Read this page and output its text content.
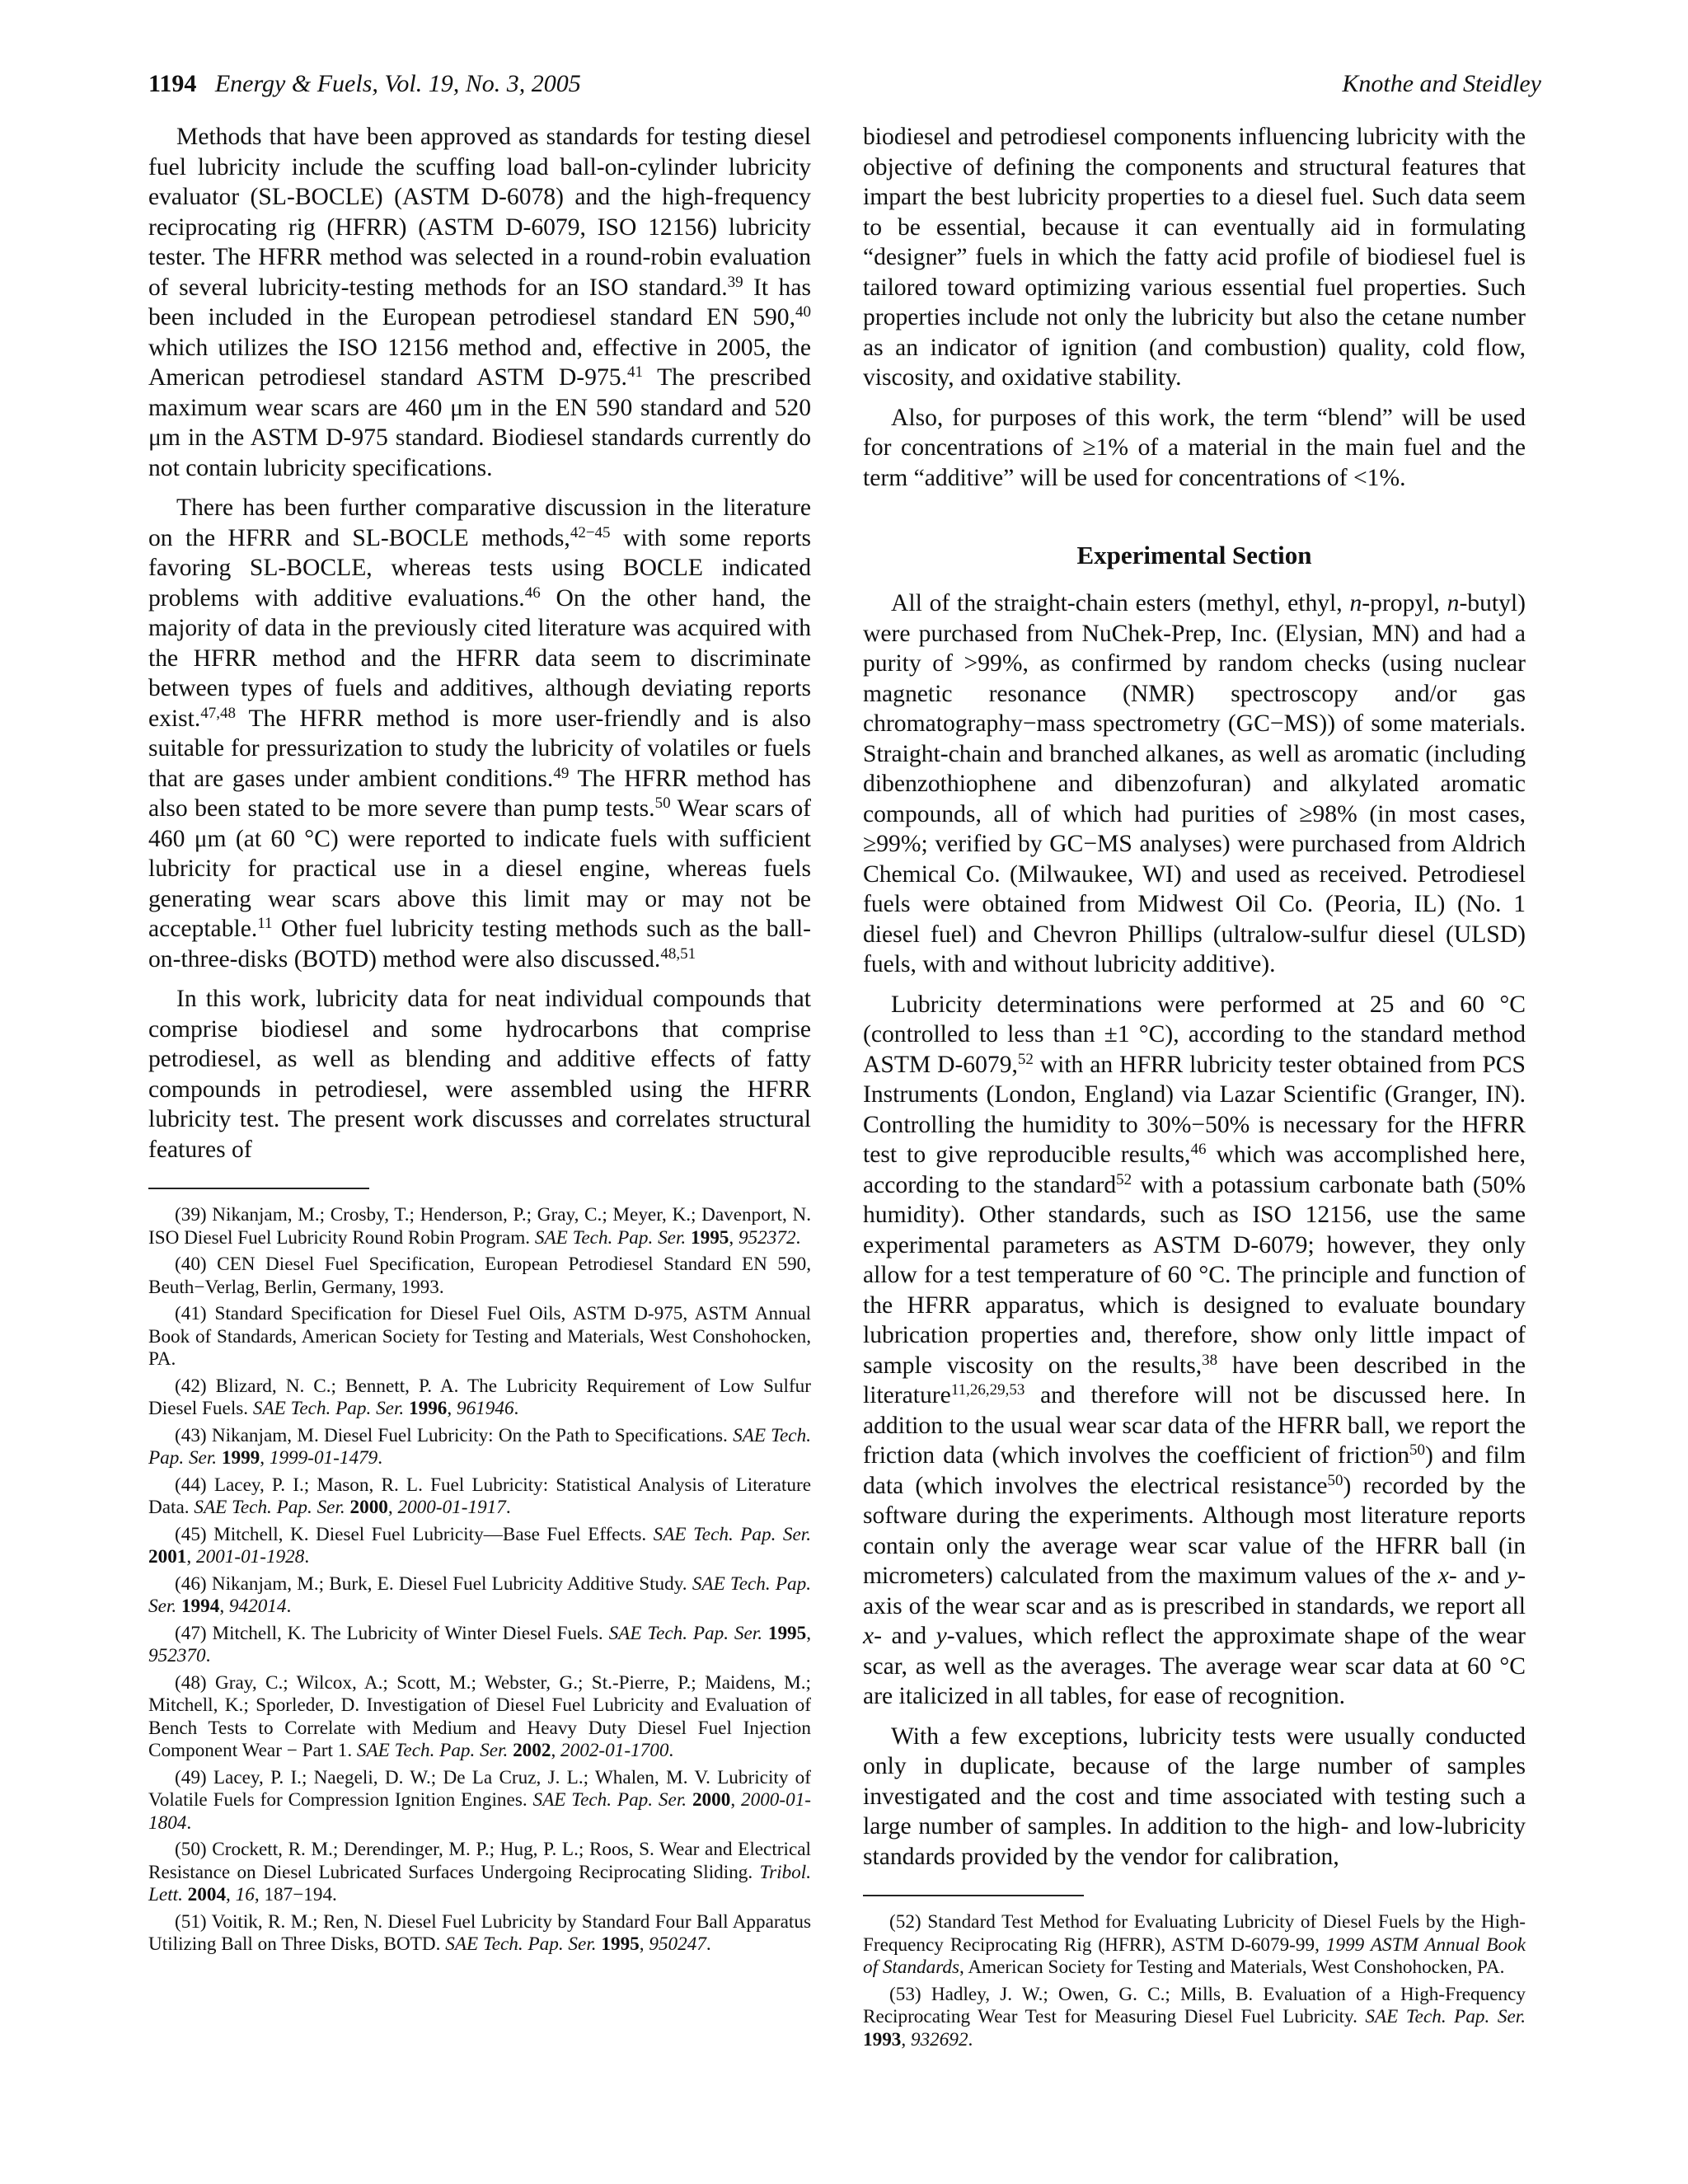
1194 Energy & Fuels, Vol. 19, No. 3, 2005	Knothe and Steidley

Methods that have been approved as standards for testing diesel fuel lubricity include the scuffing load ball-on-cylinder lubricity evaluator (SL-BOCLE) (ASTM D-6078) and the high-frequency reciprocating rig (HFRR) (ASTM D-6079, ISO 12156) lubricity tester. The HFRR method was selected in a round-robin evaluation of several lubricity-testing methods for an ISO standard.$^{39}$ It has been included in the European petrodiesel standard EN 590,40 which utilizes the ISO 12156 method and, effective in 2005, the American petrodiesel standard ASTM D-975.41 The prescribed maximum wear scars are 460 μm in the EN 590 standard and 520 μm in the ASTM D-975 standard. Biodiesel standards currently do not contain lubricity specifications.

There has been further comparative discussion in the literature on the HFRR and SL-BOCLE methods,$^{42-45}$ with some reports favoring SL-BOCLE, whereas tests using BOCLE indicated problems with additive evaluations.$^{46}$ On the other hand, the majority of data in the previously cited literature was acquired with the HFRR method and the HFRR data seem to discriminate between types of fuels and additives, although deviating reports exist.$^{47,48}$ The HFRR method is more user-friendly and is also suitable for pressurization to study the lubricity of volatiles or fuels that are gases under ambient conditions.$^{49}$ The HFRR method has also been stated to be more severe than pump tests.$^{50}$ Wear scars of 460 μm (at 60 °C) were reported to indicate fuels with sufficient lubricity for practical use in a diesel engine, whereas fuels generating wear scars above this limit may or may not be acceptable.$^{11}$ Other fuel lubricity testing methods such as the ball-on-three-disks (BOTD) method were also discussed.$^{48,51}$

In this work, lubricity data for neat individual compounds that comprise biodiesel and some hydrocarbons that comprise petrodiesel, as well as blending and additive effects of fatty compounds in petrodiesel, were assembled using the HFRR lubricity test. The present work discusses and correlates structural features of

(39) Nikanjam, M.; Crosby, T.; Henderson, P.; Gray, C.; Meyer, K.; Davenport, N. ISO Diesel Fuel Lubricity Round Robin Program. SAE Tech. Pap. Ser. 1995, 952372.

(40) CEN Diesel Fuel Specification, European Petrodiesel Standard EN 590, Beuth−Verlag, Berlin, Germany, 1993.

(41) Standard Specification for Diesel Fuel Oils, ASTM D-975, ASTM Annual Book of Standards, American Society for Testing and Materials, West Conshohocken, PA.

(42) Blizard, N. C.; Bennett, P. A. The Lubricity Requirement of Low Sulfur Diesel Fuels. SAE Tech. Pap. Ser. 1996, 961946.

(43) Nikanjam, M. Diesel Fuel Lubricity: On the Path to Specifications. SAE Tech. Pap. Ser. 1999, 1999-01-1479.

(44) Lacey, P. I.; Mason, R. L. Fuel Lubricity: Statistical Analysis of Literature Data. SAE Tech. Pap. Ser. 2000, 2000-01-1917.

(45) Mitchell, K. Diesel Fuel Lubricity—Base Fuel Effects. SAE Tech. Pap. Ser. 2001, 2001-01-1928.

(46) Nikanjam, M.; Burk, E. Diesel Fuel Lubricity Additive Study. SAE Tech. Pap. Ser. 1994, 942014.

(47) Mitchell, K. The Lubricity of Winter Diesel Fuels. SAE Tech. Pap. Ser. 1995, 952370.

(48) Gray, C.; Wilcox, A.; Scott, M.; Webster, G.; St.-Pierre, P.; Maidens, M.; Mitchell, K.; Sporleder, D. Investigation of Diesel Fuel Lubricity and Evaluation of Bench Tests to Correlate with Medium and Heavy Duty Diesel Fuel Injection Component Wear − Part 1. SAE Tech. Pap. Ser. 2002, 2002-01-1700.

(49) Lacey, P. I.; Naegeli, D. W.; De La Cruz, J. L.; Whalen, M. V. Lubricity of Volatile Fuels for Compression Ignition Engines. SAE Tech. Pap. Ser. 2000, 2000-01-1804.

(50) Crockett, R. M.; Derendinger, M. P.; Hug, P. L.; Roos, S. Wear and Electrical Resistance on Diesel Lubricated Surfaces Undergoing Reciprocating Sliding. Tribol. Lett. 2004, 16, 187−194.

(51) Voitik, R. M.; Ren, N. Diesel Fuel Lubricity by Standard Four Ball Apparatus Utilizing Ball on Three Disks, BOTD. SAE Tech. Pap. Ser. 1995, 950247.

biodiesel and petrodiesel components influencing lubricity with the objective of defining the components and structural features that impart the best lubricity properties to a diesel fuel. Such data seem to be essential, because it can eventually aid in formulating “designer” fuels in which the fatty acid profile of biodiesel fuel is tailored toward optimizing various essential fuel properties. Such properties include not only the lubricity but also the cetane number as an indicator of ignition (and combustion) quality, cold flow, viscosity, and oxidative stability.

Also, for purposes of this work, the term “blend” will be used for concentrations of ≥1% of a material in the main fuel and the term “additive” will be used for concentrations of <1%.

Experimental Section

All of the straight-chain esters (methyl, ethyl, n-propyl, n-butyl) were purchased from NuChek-Prep, Inc. (Elysian, MN) and had a purity of >99%, as confirmed by random checks (using nuclear magnetic resonance (NMR) spectroscopy and/or gas chromatography−mass spectrometry (GC−MS)) of some materials. Straight-chain and branched alkanes, as well as aromatic (including dibenzothiophene and dibenzofuran) and alkylated aromatic compounds, all of which had purities of ≥98% (in most cases, ≥99%; verified by GC−MS analyses) were purchased from Aldrich Chemical Co. (Milwaukee, WI) and used as received. Petrodiesel fuels were obtained from Midwest Oil Co. (Peoria, IL) (No. 1 diesel fuel) and Chevron Phillips (ultralow-sulfur diesel (ULSD) fuels, with and without lubricity additive).

Lubricity determinations were performed at 25 and 60 °C (controlled to less than ±1 °C), according to the standard method ASTM D-6079,52 with an HFRR lubricity tester obtained from PCS Instruments (London, England) via Lazar Scientific (Granger, IN). Controlling the humidity to 30%−50% is necessary for the HFRR test to give reproducible results,$^{46}$ which was accomplished here, according to the standard$^{52}$ with a potassium carbonate bath (50% humidity). Other standards, such as ISO 12156, use the same experimental parameters as ASTM D-6079; however, they only allow for a test temperature of 60 °C. The principle and function of the HFRR apparatus, which is designed to evaluate boundary lubrication properties and, therefore, show only little impact of sample viscosity on the results,$^{38}$ have been described in the literature$^{11,26,29,53}$ and therefore will not be discussed here. In addition to the usual wear scar data of the HFRR ball, we report the friction data (which involves the coefficient of friction$^{50}$) and film data (which involves the electrical resistance$^{50}$) recorded by the software during the experiments. Although most literature reports contain only the average wear scar value of the HFRR ball (in micrometers) calculated from the maximum values of the x- and y-axis of the wear scar and as is prescribed in standards, we report all x- and y-values, which reflect the approximate shape of the wear scar, as well as the averages. The average wear scar data at 60 °C are italicized in all tables, for ease of recognition.

With a few exceptions, lubricity tests were usually conducted only in duplicate, because of the large number of samples investigated and the cost and time associated with testing such a large number of samples. In addition to the high- and low-lubricity standards provided by the vendor for calibration,

(52) Standard Test Method for Evaluating Lubricity of Diesel Fuels by the High-Frequency Reciprocating Rig (HFRR), ASTM D-6079-99, 1999 ASTM Annual Book of Standards, American Society for Testing and Materials, West Conshohocken, PA.

(53) Hadley, J. W.; Owen, G. C.; Mills, B. Evaluation of a High-Frequency Reciprocating Wear Test for Measuring Diesel Fuel Lubricity. SAE Tech. Pap. Ser. 1993, 932692.
